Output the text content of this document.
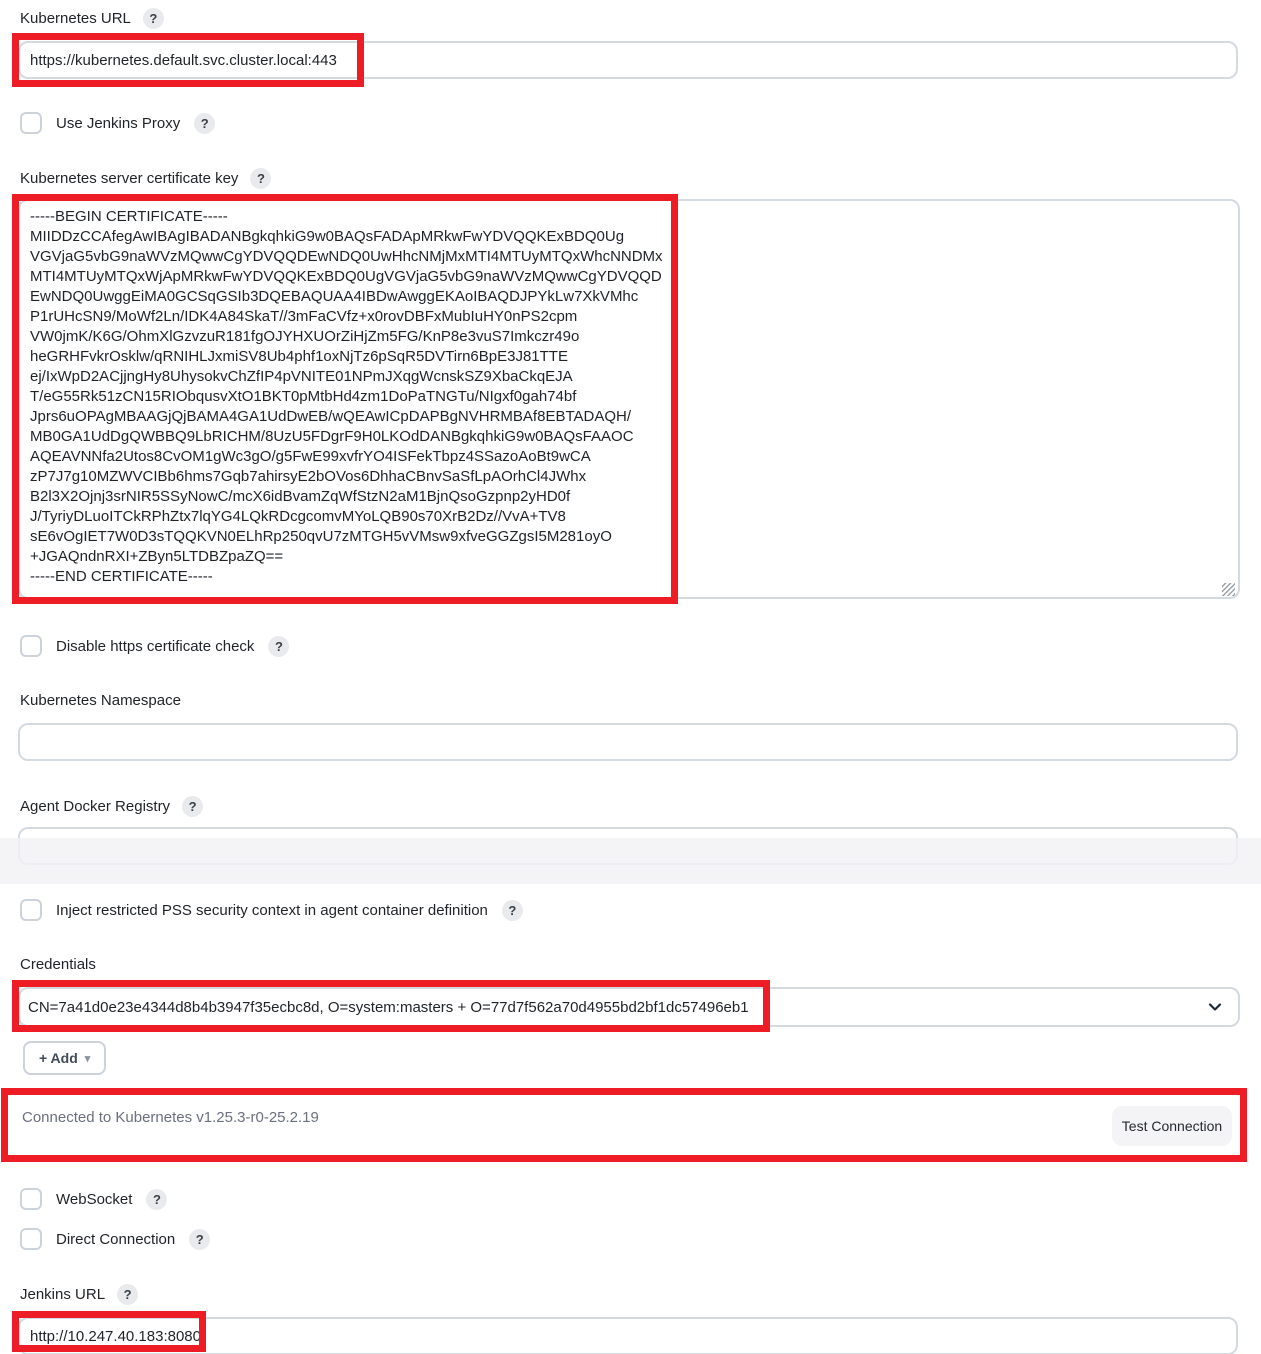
Kubernetes URL	?
https://kubernetes.default.svc.cluster.local:443
Use Jenkins Proxy	?
Kubernetes server certificate key	?
-----BEGIN CERTIFICATE----- MIIDDzCCAfegAwIBAgIBADANBgkqhkiG9w0BAQsFADApMRkwFwYDVQQKExBDQ0Ug VGVjaG5vbG9naWVzMQwwCgYDVQQDEwNDQ0UwHhcNMjMxMTI4MTUyMTQxWhcNNDMx MTI4MTUyMTQxWjApMRkwFwYDVQQKExBDQ0UgVGVjaG5vbG9naWVzMQwwCgYDVQQD EwNDQ0UwggEiMA0GCSqGSIb3DQEBAQUAA4IBDwAwggEKAoIBAQDJPYkLw7XkVMhc P1rUHcSN9/MoWf2Ln/IDK4A84SkaT//3mFaCVfz+x0rovDBFxMubIuHY0nPS2cpm VW0jmK/K6G/OhmXlGzvzuR181fgOJYHXUOrZiHjZm5FG/KnP8e3vuS7Imkczr49o heGRHFvkrOsklw/qRNIHLJxmiSV8Ub4phf1oxNjTz6pSqR5DVTirn6BpE3J81TTE ej/IxWpD2ACjjngHy8UhysokvChZfIP4pVNITE01NPmJXqgWcnskSZ9XbaCkqEJA T/eG55Rk51zCN15RIObqusvXtO1BKT0pMtbHd4zm1DoPaTNGTu/NIgxf0gah74bf Jprs6uOPAgMBAAGjQjBAMA4GA1UdDwEB/wQEAwICpDAPBgNVHRMBAf8EBTADAQH/ MB0GA1UdDgQWBBQ9LbRICHM/8UzU5FDgrF9H0LKOdDANBgkqhkiG9w0BAQsFAAOC AQEAVNNfa2Utos8CvOM1gWc3gO/g5FwE99xvfrYO4ISFekTbpz4SSazoAoBt9wCA zP7J7g10MZWVCIBb6hms7Gqb7ahirsyE2bOVos6DhhaCBnvSaSfLpAOrhCl4JWhx B2l3X2Ojnj3srNIR5SSyNowC/mcX6idBvamZqWfStzN2aM1BjnQsoGzpnp2yHD0f J/TyriyDLuoITCkRPhZtx7lqYG4LQkRDcgcomvMYoLQB90s70XrB2Dz//VvA+TV8 sE6vOgIET7W0D3sTQQKVN0ELhRp250qvU7zMTGH5vVMsw9xfveGGZgsI5M281oyO +JGAQndnRXI+ZByn5LTDBZpaZQ== -----END CERTIFICATE-----
Disable https certificate check	?
Kubernetes Namespace
Agent Docker Registry	?
Inject restricted PSS security context in agent container definition	?
Credentials
CN=7a41d0e23e4344d8b4b3947f35ecbc8d, O=system:masters + O=77d7f562a70d4955bd2bf1dc57496eb1
+ Add ▾
Connected to Kubernetes v1.25.3-r0-25.2.19	Test Connection
WebSocket	?
Direct Connection	?
Jenkins URL	?
http://10.247.40.183:8080
